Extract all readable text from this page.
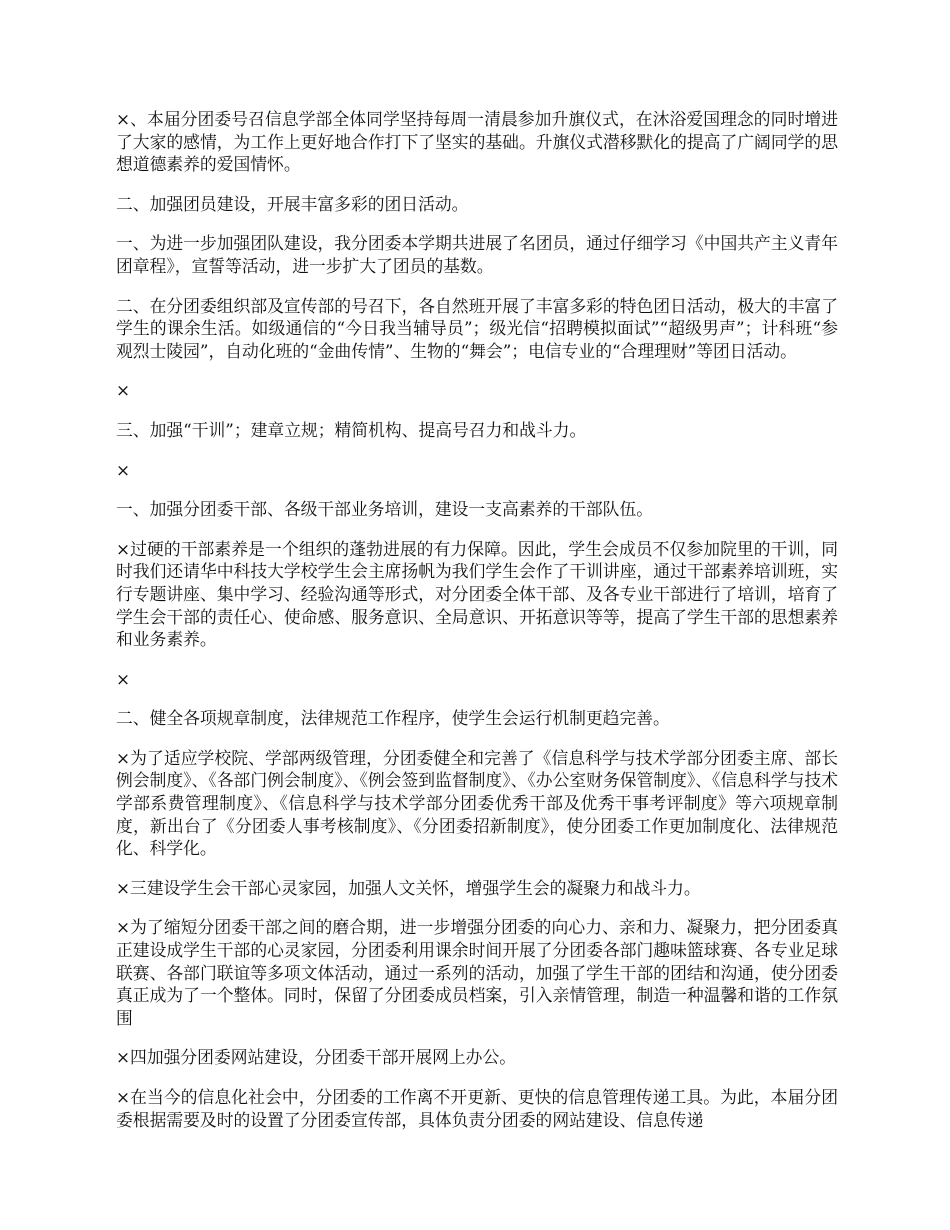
×、本届分团委号召信息学部全体同学坚持每周一清晨参加升旗仪式，在沐浴爱国理念的同时增进了大家的感情，为工作上更好地合作打下了坚实的基础。升旗仪式潜移默化的提高了广阔同学的思想道德素养的爱国情怀。

二、加强团员建设，开展丰富多彩的团日活动。

一、为进一步加强团队建设，我分团委本学期共进展了名团员，通过仔细学习《中国共产主义青年团章程》，宣誓等活动，进一步扩大了团员的基数。

二、在分团委组织部及宣传部的号召下，各自然班开展了丰富多彩的特色团日活动，极大的丰富了学生的课余生活。如级通信的“今日我当辅导员”；级光信“招聘模拟面试”“超级男声”；计科班“参观烈士陵园”，自动化班的“金曲传情”、生物的“舞会”；电信专业的“合理理财”等团日活动。

×

三、加强“干训”；建章立规；精简机构、提高号召力和战斗力。

×

一、加强分团委干部、各级干部业务培训，建设一支高素养的干部队伍。

×过硬的干部素养是一个组织的蓬勃进展的有力保障。因此，学生会成员不仅参加院里的干训，同时我们还请华中科技大学校学生会主席扬帆为我们学生会作了干训讲座，通过干部素养培训班，实行专题讲座、集中学习、经验沟通等形式，对分团委全体干部、及各专业干部进行了培训，培育了学生会干部的责任心、使命感、服务意识、全局意识、开拓意识等等，提高了学生干部的思想素养和业务素养。

×

二、健全各项规章制度，法律规范工作程序，使学生会运行机制更趋完善。

×为了适应学校院、学部两级管理，分团委健全和完善了《信息科学与技术学部分团委主席、部长例会制度》、《各部门例会制度》、《例会签到监督制度》、《办公室财务保管制度》、《信息科学与技术学部系费管理制度》、《信息科学与技术学部分团委优秀干部及优秀干事考评制度》等六项规章制度，新出台了《分团委人事考核制度》、《分团委招新制度》，使分团委工作更加制度化、法律规范化、科学化。

×三建设学生会干部心灵家园，加强人文关怀，增强学生会的凝聚力和战斗力。

×为了缩短分团委干部之间的磨合期，进一步增强分团委的向心力、亲和力、凝聚力，把分团委真正建设成学生干部的心灵家园，分团委利用课余时间开展了分团委各部门趣味篮球赛、各专业足球联赛、各部门联谊等多项文体活动，通过一系列的活动，加强了学生干部的团结和沟通，使分团委真正成为了一个整体。同时，保留了分团委成员档案，引入亲情管理，制造一种温馨和谐的工作氛围

×四加强分团委网站建设，分团委干部开展网上办公。

×在当今的信息化社会中，分团委的工作离不开更新、更快的信息管理传递工具。为此，本届分团委根据需要及时的设置了分团委宣传部，具体负责分团委的网站建设、信息传递
